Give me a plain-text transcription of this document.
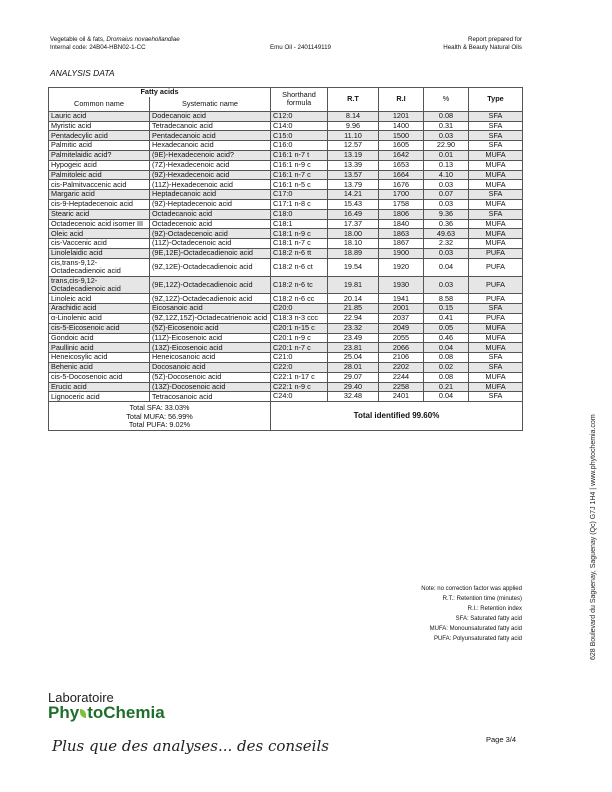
Vegetable oil & fats, Dromaius novaehollandiae
Internal code: 24B04-HBN02-1-CC	Emu Oil - 2401149119
Report prepared for
Health & Beauty Natural Oils
ANALYSIS DATA
Fatty acids		Shorthand formula	R.T	R.I	%	Type
Common name	Systematic name					
Lauric acid	Dodecanoic acid	C12:0	8.14	1201	0.08	SFA
Myristic acid	Tetradecanoic acid	C14:0	9.96	1400	0.31	SFA
Pentadecylic acid	Pentadecanoic acid	C15:0	11.10	1500	0.03	SFA
Palmitic acid	Hexadecanoic acid	C16:0	12.57	1605	22.90	SFA
Palmitelaidic acid?	(9E)-Hexadecenoic acid?	C16:1 n-7 t	13.19	1642	0.01	MUFA
Hypogeic acid	(7Z)-Hexadecenoic acid	C16:1 n-9 c	13.39	1653	0.13	MUFA
Palmitoleic acid	(9Z)-Hexadecenoic acid	C16:1 n-7 c	13.57	1664	4.10	MUFA
cis-Palmitvaccenic acid	(11Z)-Hexadecenoic acid	C16:1 n-5 c	13.79	1676	0.03	MUFA
Margaric acid	Heptadecanoic acid	C17:0	14.21	1700	0.07	SFA
cis-9-Heptadecenoic acid	(9Z)-Heptadecenoic acid	C17:1 n-8 c	15.43	1758	0.03	MUFA
Stearic acid	Octadecanoic acid	C18:0	16.49	1806	9.36	SFA
Octadecenoic acid isomer III	Octadecenoic acid	C18:1	17.37	1840	0.36	MUFA
Oleic acid	(9Z)-Octadecenoic acid	C18:1 n-9 c	18.00	1863	49.63	MUFA
cis-Vaccenic acid	(11Z)-Octadecenoic acid	C18:1 n-7 c	18.10	1867	2.32	MUFA
Linolelaidic acid	(9E,12E)-Octadecadienoic acid	C18:2 n-6 tt	18.89	1900	0.03	PUFA
cis,trans-9,12-Octadecadienoic acid	(9Z,12E)-Octadecadienoic acid	C18:2 n-6 ct	19.54	1920	0.04	PUFA
trans,cis-9,12-Octadecadienoic acid	(9E,12Z)-Octadecadienoic acid	C18:2 n-6 tc	19.81	1930	0.03	PUFA
Linoleic acid	(9Z,12Z)-Octadecadienoic acid	C18:2 n-6 cc	20.14	1941	8.58	PUFA
Arachidic acid	Eicosanoic acid	C20:0	21.85	2001	0.15	SFA
α-Linolenic acid	(9Z,12Z,15Z)-Octadecatrienoic acid	C18:3 n-3 ccc	22.94	2037	0.41	PUFA
cis-5-Eicosenoic acid	(5Z)-Eicosenoic acid	C20:1 n-15 c	23.32	2049	0.05	MUFA
Gondoic acid	(11Z)-Eicosenoic acid	C20:1 n-9 c	23.49	2055	0.46	MUFA
Paullinic acid	(13Z)-Eicosenoic acid	C20:1 n-7 c	23.81	2066	0.04	MUFA
Heneicosylic acid	Heneicosanoic acid	C21:0	25.04	2106	0.08	SFA
Behenic acid	Docosanoic acid	C22:0	28.01	2202	0.02	SFA
cis-5-Docosenoic acid	(5Z)-Docosenoic acid	C22:1 n-17 c	29.07	2244	0.08	MUFA
Erucic acid	(13Z)-Docosenoic acid	C22:1 n-9 c	29.40	2258	0.21	MUFA
Lignoceric acid	Tetracosanoic acid	C24:0	32.48	2401	0.04	SFA

Total SFA: 33.03%
Total MUFA: 56.99%
Total PUFA: 9.02%		Total identified 99.60%				
Note: no correction factor was applied
R.T.: Retention time (minutes)
R.I.: Retention index
SFA: Saturated fatty acid
MUFA: Monounsaturated fatty acid
PUFA: Polyunsaturated fatty acid	628 Boulevard du Saguenay, Saguenay (Qc) G7J 1H4 | www.phytochemia.com
Laboratoire
Phy toChemia
Plus que des analyses... des conseils	Page 3/4
